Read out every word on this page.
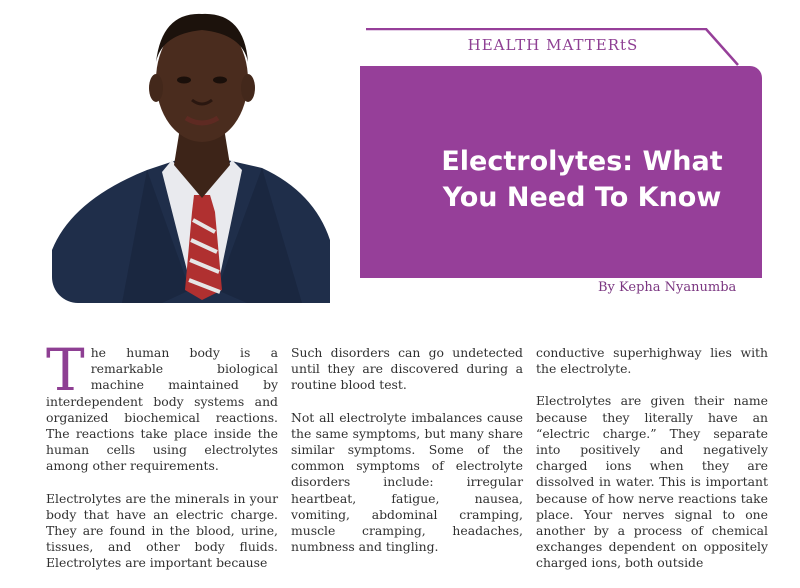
HEALTH MATTERtS
Electrolytes: What
You Need To Know
By Kepha Nyanumba

The human body is a remarkable biological machine maintained by interdependent body systems and organized biochemical reactions. The reactions take place inside the human cells using electrolytes among other requirements.

Electrolytes are the minerals in your body that have an electric charge. They are found in the blood, urine, tissues, and other body fluids. Electrolytes are important because

Such disorders can go undetected until they are discovered during a routine blood test.

Not all electrolyte imbalances cause the same symptoms, but many share similar symptoms. Some of the common symptoms of electrolyte disorders include: irregular heartbeat, fatigue, nausea, vomiting, abdominal cramping, muscle cramping, headaches, numbness and tingling.

conductive superhighway lies with the electrolyte.

Electrolytes are given their name because they literally have an “electric charge.” They separate into positively and negatively charged ions when they are dissolved in water. This is important because of how nerve reactions take place. Your nerves signal to one another by a process of chemical exchanges dependent on oppositely charged ions, both outside
